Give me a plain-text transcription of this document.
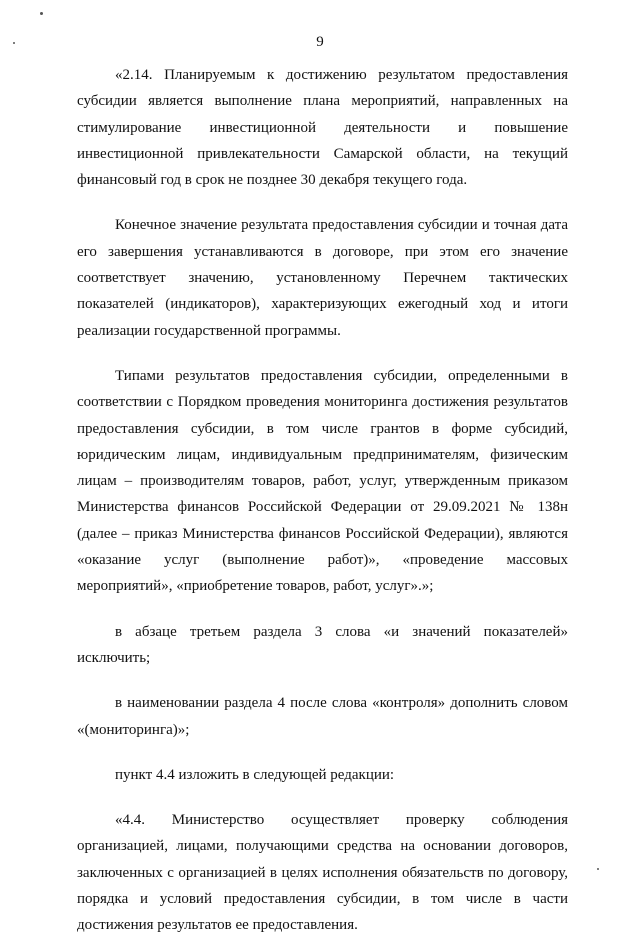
9

«2.14. Планируемым к достижению результатом предоставления субсидии является выполнение плана мероприятий, направленных на стимулирование инвестиционной деятельности и повышение инвестиционной привлекательности Самарской области, на текущий финансовый год в срок не позднее 30 декабря текущего года.

Конечное значение результата предоставления субсидии и точная дата его завершения устанавливаются в договоре, при этом его значение соответствует значению, установленному Перечнем тактических показателей (индикаторов), характеризующих ежегодный ход и итоги реализации государственной программы.

Типами результатов предоставления субсидии, определенными в соответствии с Порядком проведения мониторинга достижения результатов предоставления субсидии, в том числе грантов в форме субсидий, юридическим лицам, индивидуальным предпринимателям, физическим лицам – производителям товаров, работ, услуг, утвержденным приказом Министерства финансов Российской Федерации от 29.09.2021 № 138н (далее – приказ Министерства финансов Российской Федерации), являются «оказание услуг (выполнение работ)», «проведение массовых мероприятий», «приобретение товаров, работ, услуг».»;

в абзаце третьем раздела 3 слова «и значений показателей» исключить;

в наименовании раздела 4 после слова «контроля» дополнить словом «(мониторинга)»;

пункт 4.4 изложить в следующей редакции:

«4.4. Министерство осуществляет проверку соблюдения организацией, лицами, получающими средства на основании договоров, заключенных с организацией в целях исполнения обязательств по договору, порядка и условий предоставления субсидии, в том числе в части достижения результатов ее предоставления.
